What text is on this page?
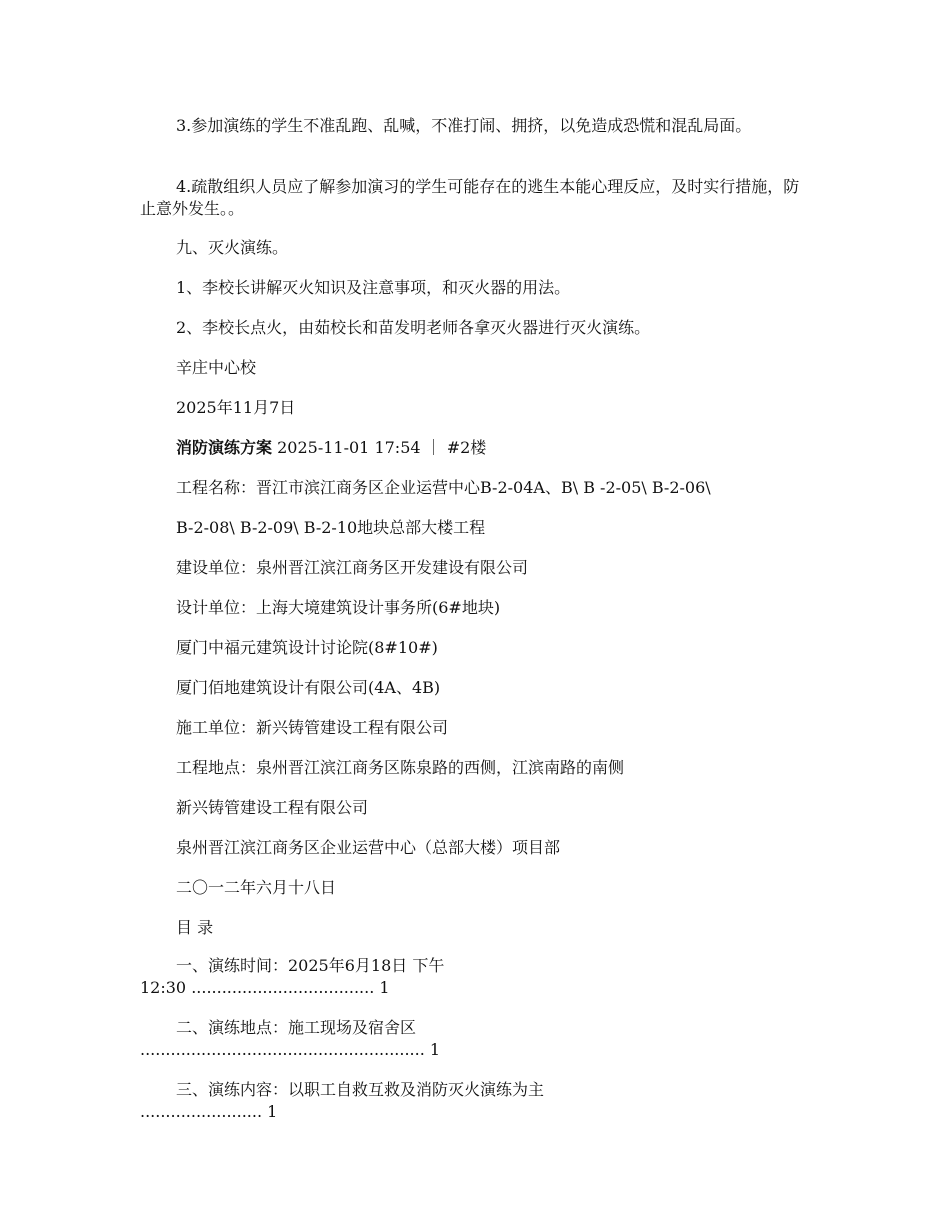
3.参加演练的学生不准乱跑、乱喊，不准打闹、拥挤，以免造成恐慌和混乱局面。
4.疏散组织人员应了解参加演习的学生可能存在的逃生本能心理反应，及时实行措施，防止意外发生。。
九、灭火演练。
1、李校长讲解灭火知识及注意事项，和灭火器的用法。
2、李校长点火，由茹校长和苗发明老师各拿灭火器进行灭火演练。
辛庄中心校
2025年11月7日
消防演练方案 2025-11-01 17:54 ｜ #2楼
工程名称：晋江市滨江商务区企业运营中心B-2-04A、B\ B -2-05\ B-2-06\
B-2-08\ B-2-09\ B-2-10地块总部大楼工程
建设单位：泉州晋江滨江商务区开发建设有限公司
设计单位：上海大境建筑设计事务所(6#地块)
厦门中福元建筑设计讨论院(8#10#)
厦门佰地建筑设计有限公司(4A、4B)
施工单位：新兴铸管建设工程有限公司
工程地点：泉州晋江滨江商务区陈泉路的西侧，江滨南路的南侧
新兴铸管建设工程有限公司
泉州晋江滨江商务区企业运营中心（总部大楼）项目部
二〇一二年六月十八日
目 录
一、演练时间：2025年6月18日 下午
12:30 .................................... 1
二、演练地点：施工现场及宿舍区
........................................................ 1
三、演练内容：以职工自救互救及消防灭火演练为主
........................ 1
